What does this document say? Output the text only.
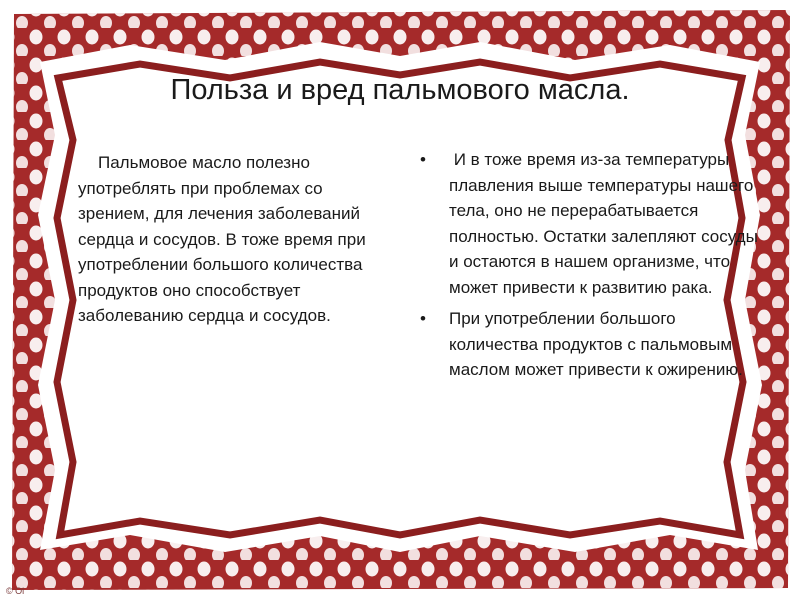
Польза и вред пальмового масла.

Пальмовое масло полезно употреблять при проблемах со зрением, для лечения заболеваний сердца и сосудов. В тоже время при употреблении большого количества продуктов оно способствует заболеванию сердца и сосудов.

• И в тоже время из-за температуры плавления выше температуры нашего тела, оно не перерабатывается полностью. Остатки залепляют сосуды и остаются в нашем организме, что может привести к развитию рака.
• При употреблении большого количества продуктов с пальмовым маслом может привести к ожирению.
© Ol
